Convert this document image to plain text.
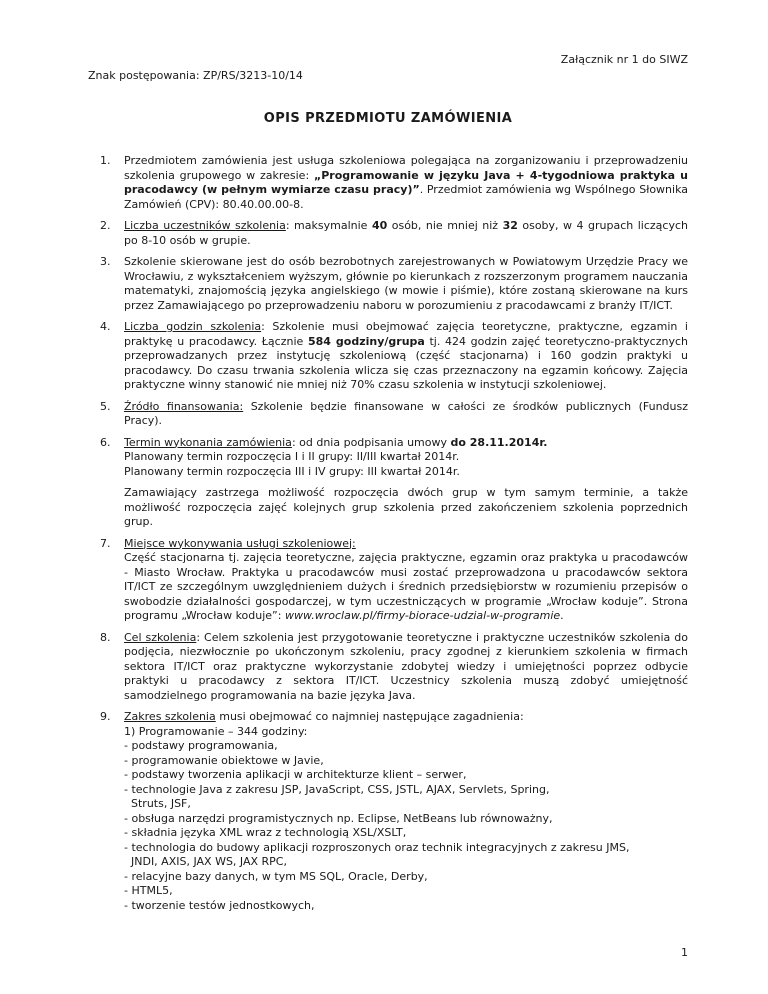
Załącznik nr 1 do SIWZ
Znak postępowania: ZP/RS/3213-10/14
OPIS PRZEDMIOTU ZAMÓWIENIA
1. Przedmiotem zamówienia jest usługa szkoleniowa polegająca na zorganizowaniu i przeprowadzeniu szkolenia grupowego w zakresie: „Programowanie w języku Java + 4-tygodniowa praktyka u pracodawcy (w pełnym wymiarze czasu pracy)”. Przedmiot zamówienia wg Wspólnego Słownika Zamówień (CPV): 80.40.00.00-8.
2. Liczba uczestników szkolenia: maksymalnie 40 osób, nie mniej niż 32 osoby, w 4 grupach liczących po 8-10 osób w grupie.
3. Szkolenie skierowane jest do osób bezrobotnych zarejestrowanych w Powiatowym Urzędzie Pracy we Wrocławiu, z wykształceniem wyższym, głównie po kierunkach z rozszerzonym programem nauczania matematyki, znajomością języka angielskiego (w mowie i piśmie), które zostaną skierowane na kurs przez Zamawiającego po przeprowadzeniu naboru w porozumieniu z pracodawcami z branży IT/ICT.
4. Liczba godzin szkolenia: Szkolenie musi obejmować zajęcia teoretyczne, praktyczne, egzamin i praktykę u pracodawcy. Łącznie 584 godziny/grupa tj. 424 godzin zajęć teoretyczno-praktycznych przeprowadzanych przez instytucję szkoleniową (część stacjonarna) i 160 godzin praktyki u pracodawcy. Do czasu trwania szkolenia wlicza się czas przeznaczony na egzamin końcowy. Zajęcia praktyczne winny stanowić nie mniej niż 70% czasu szkolenia w instytucji szkoleniowej.
5. Źródło finansowania: Szkolenie będzie finansowane w całości ze środków publicznych (Fundusz Pracy).
6. Termin wykonania zamówienia: od dnia podpisania umowy do 28.11.2014r.
Planowany termin rozpoczęcia I i II grupy: II/III kwartał 2014r.
Planowany termin rozpoczęcia III i IV grupy: III kwartał 2014r.
Zamawiający zastrzega możliwość rozpoczęcia dwóch grup w tym samym terminie, a także możliwość rozpoczęcia zajęć kolejnych grup szkolenia przed zakończeniem szkolenia poprzednich grup.
7. Miejsce wykonywania usługi szkoleniowej:
Część stacjonarna tj. zajęcia teoretyczne, zajęcia praktyczne, egzamin oraz praktyka u pracodawców - Miasto Wrocław. Praktyka u pracodawców musi zostać przeprowadzona u pracodawców sektora IT/ICT ze szczególnym uwzględnieniem dużych i średnich przedsiębiorstw w rozumieniu przepisów o swobodzie działalności gospodarczej, w tym uczestniczących w programie „Wrocław koduje”. Strona programu „Wrocław koduje”: www.wroclaw.pl/firmy-biorace-udzial-w-programie.
8. Cel szkolenia: Celem szkolenia jest przygotowanie teoretyczne i praktyczne uczestników szkolenia do podjęcia, niezwłocznie po ukończonym szkoleniu, pracy zgodnej z kierunkiem szkolenia w firmach sektora IT/ICT oraz praktyczne wykorzystanie zdobytej wiedzy i umiejętności poprzez odbycie praktyki u pracodawcy z sektora IT/ICT. Uczestnicy szkolenia muszą zdobyć umiejętność samodzielnego programowania na bazie języka Java.
9. Zakres szkolenia musi obejmować co najmniej następujące zagadnienia:
1) Programowanie – 344 godziny:
- podstawy programowania,
- programowanie obiektowe w Javie,
- podstawy tworzenia aplikacji w architekturze klient – serwer,
- technologie Java z zakresu JSP, JavaScript, CSS, JSTL, AJAX, Servlets, Spring,
Struts, JSF,
- obsługa narzędzi programistycznych np. Eclipse, NetBeans lub równoważny,
- składnia języka XML wraz z technologią XSL/XSLT,
- technologia do budowy aplikacji rozproszonych oraz technik integracyjnych z zakresu JMS,
JNDI, AXIS, JAX WS, JAX RPC,
- relacyjne bazy danych, w tym MS SQL, Oracle, Derby,
- HTML5,
- tworzenie testów jednostkowych,
1
